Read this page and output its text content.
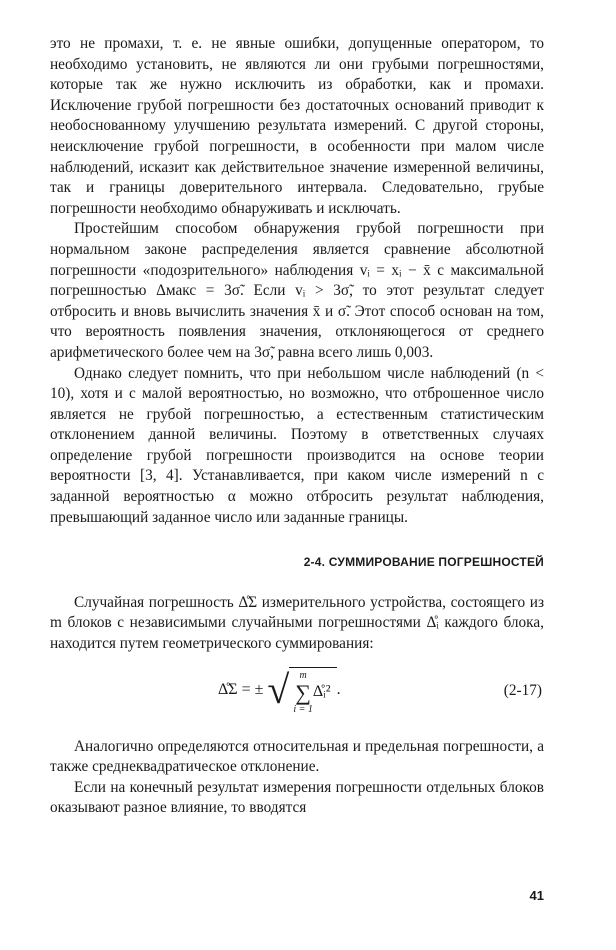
это не промахи, т. е. не явные ошибки, допущенные оператором, то необходимо установить, не являются ли они грубыми погрешностями, которые так же нужно исключить из обработки, как и промахи. Исключение грубой погрешности без достаточных оснований приводит к необоснованному улучшению результата измерений. С другой стороны, неисключение грубой погрешности, в особенности при малом числе наблюдений, исказит как действительное значение измеренной величины, так и границы доверительного интервала. Следовательно, грубые погрешности необходимо обнаруживать и исключать.

Простейшим способом обнаружения грубой погрешности при нормальном законе распределения является сравнение абсолютной погрешности «подозрительного» наблюдения vᵢ = xᵢ − x̄ с максимальной погрешностью Δмакс = 3σ̃. Если vᵢ > 3σ̃, то этот результат следует отбросить и вновь вычислить значения x̄ и σ̃. Этот способ основан на том, что вероятность появления значения, отклоняющегося от среднего арифметического более чем на 3σ̃, равна всего лишь 0,003.

Однако следует помнить, что при небольшом числе наблюдений (n < 10), хотя и с малой вероятностью, но возможно, что отброшенное число является не грубой погрешностью, а естественным статистическим отклонением данной величины. Поэтому в ответственных случаях определение грубой погрешности производится на основе теории вероятности [3, 4]. Устанавливается, при каком числе измерений n с заданной вероятностью α можно отбросить результат наблюдения, превышающий заданное число или заданные границы.

2-4. СУММИРОВАНИЕ ПОГРЕШНОСТЕЙ

Случайная погрешность Δ̊Σ измерительного устройства, состоящего из m блоков с независимыми случайными погрешностями Δ̊ᵢ каждого блока, находится путем геометрического суммирования:

Δ̊Σ = ± √ m
∑
i = 1
Δ̊ᵢ² .	(2-17)

Аналогично определяются относительная и предельная погрешности, а также среднеквадратическое отклонение.

Если на конечный результат измерения погрешности отдельных блоков оказывают разное влияние, то вводятся

41
